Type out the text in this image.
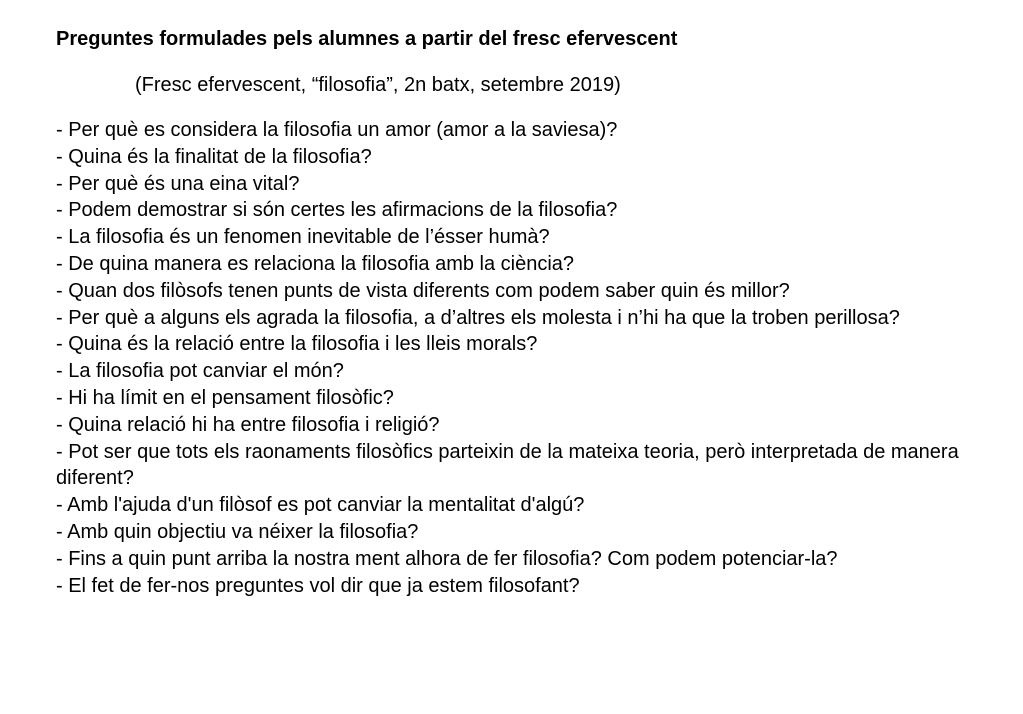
Preguntes formulades pels alumnes a partir del fresc efervescent
(Fresc efervescent, “filosofia”, 2n batx, setembre 2019)
- Per què es considera la filosofia un amor (amor a la saviesa)?
- Quina és la finalitat de la filosofia?
- Per què és una eina vital?
- Podem demostrar si són certes les afirmacions de la filosofia?
- La filosofia és un fenomen inevitable de l’ésser humà?
- De quina manera es relaciona la filosofia amb la ciència?
- Quan dos filòsofs tenen punts de vista diferents com podem saber quin és millor?
- Per què a alguns els agrada la filosofia, a d’altres els molesta i n’hi ha que la troben perillosa?
- Quina és la relació entre la filosofia i les lleis morals?
- La filosofia pot canviar el món?
- Hi ha límit en el pensament filosòfic?
- Quina relació hi ha entre filosofia i religió?
- Pot ser que tots els raonaments filosòfics parteixin de la mateixa teoria, però interpretada de manera diferent?
- Amb l'ajuda d'un filòsof es pot canviar la mentalitat d'algú?
- Amb quin objectiu va néixer la filosofia?
- Fins a quin punt arriba la nostra ment alhora de fer filosofia? Com podem potenciar-la?
- El fet de fer-nos preguntes vol dir que ja estem filosofant?
